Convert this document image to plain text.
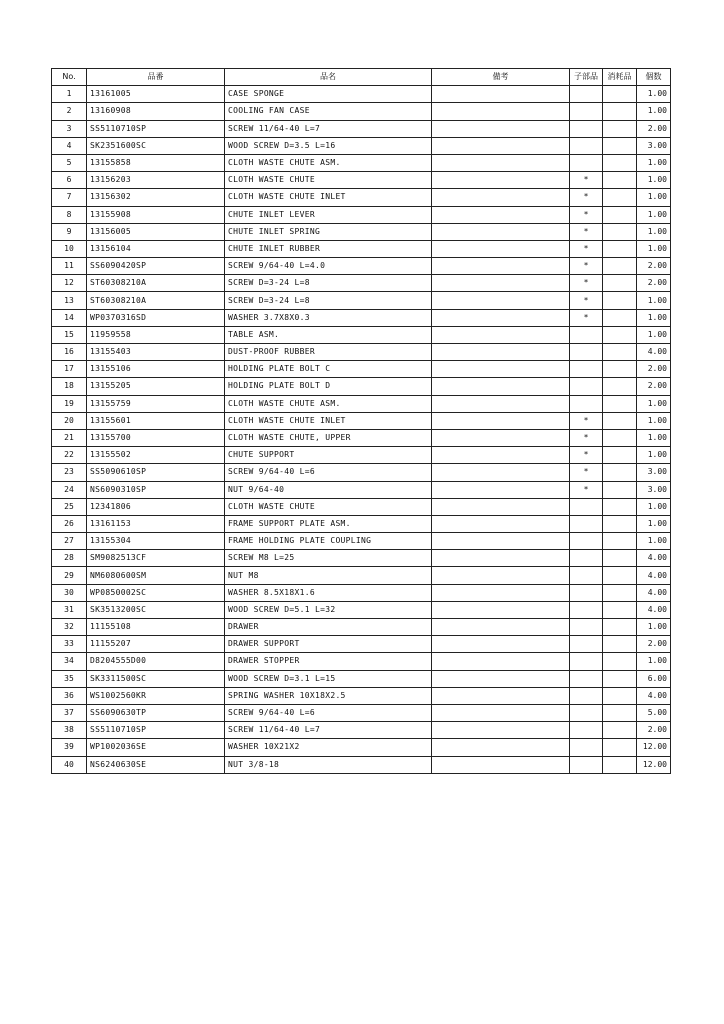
No.	品番	品名	備考	子部品	消耗品	個数
1	13161005	CASE SPONGE				1.00
2	13160908	COOLING FAN CASE				1.00
3	SS5110710SP	SCREW 11/64-40 L=7				2.00
4	SK2351600SC	WOOD SCREW D=3.5 L=16				3.00
5	13155858	CLOTH WASTE CHUTE ASM.				1.00
6	13156203	CLOTH WASTE CHUTE		*		1.00
7	13156302	CLOTH WASTE CHUTE INLET		*		1.00
8	13155908	CHUTE INLET LEVER		*		1.00
9	13156005	CHUTE INLET SPRING		*		1.00
10	13156104	CHUTE INLET RUBBER		*		1.00
11	SS6090420SP	SCREW 9/64-40 L=4.0		*		2.00
12	ST60308210A	SCREW D=3-24 L=8		*		2.00
13	ST60308210A	SCREW D=3-24 L=8		*		1.00
14	WP0370316SD	WASHER 3.7X8X0.3		*		1.00
15	11959558	TABLE ASM.				1.00
16	13155403	DUST-PROOF RUBBER				4.00
17	13155106	HOLDING PLATE BOLT C				2.00
18	13155205	HOLDING PLATE BOLT D				2.00
19	13155759	CLOTH WASTE CHUTE ASM.				1.00
20	13155601	CLOTH WASTE CHUTE INLET		*		1.00
21	13155700	CLOTH WASTE CHUTE, UPPER		*		1.00
22	13155502	CHUTE SUPPORT		*		1.00
23	SS5090610SP	SCREW 9/64-40 L=6		*		3.00
24	NS6090310SP	NUT 9/64-40		*		3.00
25	12341806	CLOTH WASTE CHUTE				1.00
26	13161153	FRAME SUPPORT PLATE ASM.				1.00
27	13155304	FRAME HOLDING PLATE COUPLING				1.00
28	SM9082513CF	SCREW M8 L=25				4.00
29	NM6080600SM	NUT M8				4.00
30	WP0850002SC	WASHER 8.5X18X1.6				4.00
31	SK3513200SC	WOOD SCREW D=5.1 L=32				4.00
32	11155108	DRAWER				1.00
33	11155207	DRAWER SUPPORT				2.00
34	D8204555D00	DRAWER STOPPER				1.00
35	SK3311500SC	WOOD SCREW D=3.1 L=15				6.00
36	WS1002560KR	SPRING WASHER 10X18X2.5				4.00
37	SS6090630TP	SCREW 9/64-40 L=6				5.00
38	SS5110710SP	SCREW 11/64-40 L=7				2.00
39	WP1002036SE	WASHER 10X21X2				12.00
40	NS6240630SE	NUT 3/8-18				12.00
